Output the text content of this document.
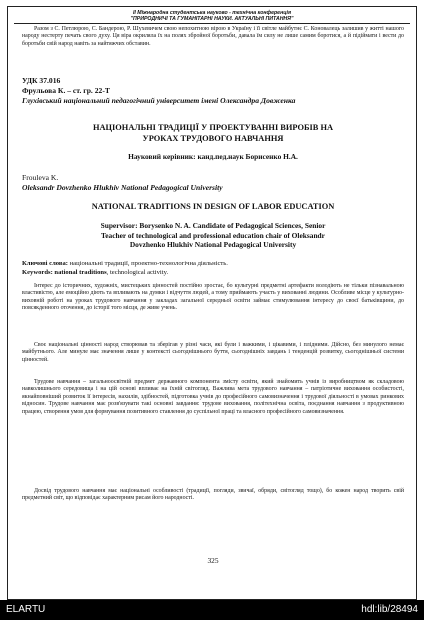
ІІ Міжнародна студентська науково - технічна конференція
"ПРИРОДНИЧІ ТА ГУМАНІТАРНІ НАУКИ. АКТУАЛЬНІ ПИТАННЯ"
Разом з С. Петлюрою, С. Бандерою, Р. Шухевичем свою непохитною вірою в Україну і її світле майбутнє С. Коновалець залишив у житті нашого народу нестерту печать свого духу. Ця віра окриляла їх на полях збройної боротьби, давала їм силу не лише самим боротися, а й підіймати і вести до боротьби свій народ навіть за найтяжчих обставин.
УДК 37.016
Фрульова К. – ст. гр. 22-Т
Глухівський національний педагогічний університет імені Олександра Довженка
НАЦІОНАЛЬНІ ТРАДИЦІЇ У ПРОЕКТУВАННІ ВИРОБІВ НА
УРОКАХ ТРУДОВОГО НАВЧАННЯ
Науковий керівник: канд.пед.наук Борисенко Н.А.
Frouleva K.
Oleksandr Dovzhenko Hlukhiv National Pedagogical University
NATIONAL TRADITIONS IN DESIGN OF LABOR EDUCATION
Supervisor: Borysenko N. A. Candidate of Pedagogical Sciences, Senior
Teacher of technological and professional education chair of Oleksandr
Dovzhenko Hlukhiv National Pedagogical University
Ключові слова: національні традиції, проектно-технологічна діяльність.
Keywords: national traditions, technological activity.
Інтерес до історичних, художніх, мистецьких цінностей постійно зростає, бо культурні предметні артефакти володіють не тільки пізнавальною властивістю, але емоційно діють та впливають на думки і відчуття людей, а тому приймають участь у вихованні людини. Особливе місце у культурно-виховній роботі на уроках трудового навчання у закладах загальної середньої освіти займає стимулювання інтересу до своєї батьківщини, до повсякденного оточення, до історії того місця, де живе учень.
Своє національні цінності народ створював та зберігав у різні часи, які були і важкими, і цікавими, і плідними. Дійсно, без минулого немає майбутнього. Але минуле має значення лише у контексті сьогоднішнього буття, сьогоднішніх завдань і тенденцій розвитку, сьогоднішньої системи цінностей.
Трудове навчання – загальноосвітній предмет державного компонента змісту освіти, який знайомить учнів із виробництвом як складовою навколишнього середовища і на цій основі впливає на їхній світогляд. Важлива мета трудового навчання – патріотичне виховання особистості, якнайповніший розвиток її інтересів, нахилів, здібностей, підготовка учнів до професійного самовизначення і трудової діяльності в умовах ринкових відносин. Трудове навчання має розв'язувати такі основні завдання: трудове виховання, політехнічна освіта, поєднання навчання з продуктивною працею, створення умов для формування позитивного ставлення до суспільної праці та власного професійного самовизначення.
Досвід трудового навчання має національні особливості (традиції, погляди, звичаї, обряди, світогляд тощо), бо кожен народ творить свій предметний світ, що відповідає характерним рисам його народності.
325
ELARTU	hdl:lib/28494
